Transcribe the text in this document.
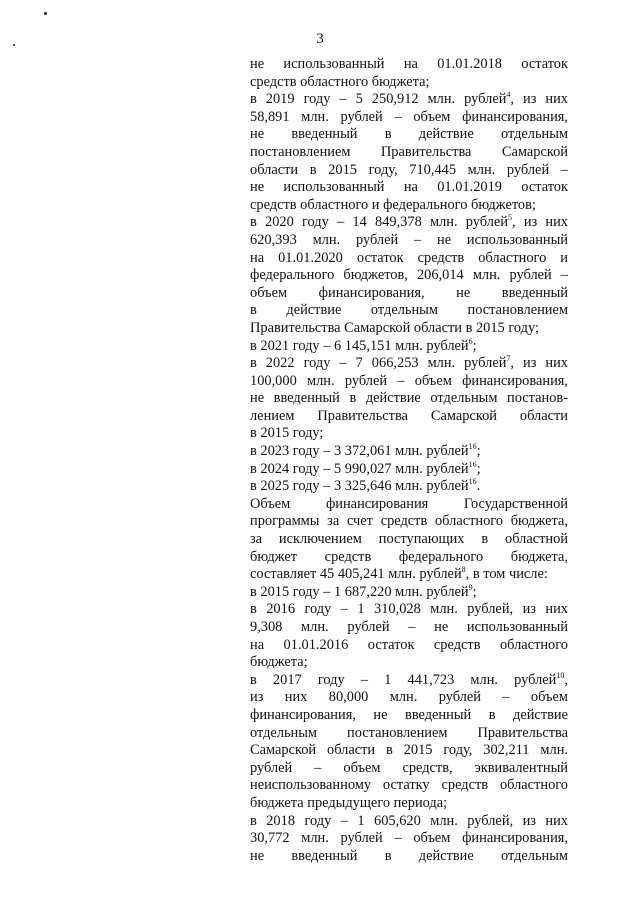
3
не использованный на 01.01.2018 остаток
средств областного бюджета;
в 2019 году – 5 250,912 млн. рублей$^4$, из них
58,891 млн. рублей – объем финансирования,
не введенный в действие отдельным
постановлением Правительства Самарской
области в 2015 году, 710,445 млн. рублей –
не использованный на 01.01.2019 остаток
средств областного и федерального бюджетов;
в 2020 году – 14 849,378 млн. рублей$^5$, из них
620,393 млн. рублей – не использованный
на 01.01.2020 остаток средств областного и
федерального бюджетов, 206,014 млн. рублей –
объем финансирования, не введенный
в действие отдельным постановлением
Правительства Самарской области в 2015 году;
в 2021 году – 6 145,151 млн. рублей$^6$;
в 2022 году – 7 066,253 млн. рублей$^7$, из них
100,000 млн. рублей – объем финансирования,
не введенный в действие отдельным постанов-
лением Правительства Самарской области
в 2015 году;
в 2023 году – 3 372,061 млн. рублей$^{16}$;
в 2024 году – 5 990,027 млн. рублей$^{16}$;
в 2025 году – 3 325,646 млн. рублей$^{16}$.
Объем финансирования Государственной
программы за счет средств областного бюджета,
за исключением поступающих в областной
бюджет средств федерального бюджета,
составляет 45 405,241 млн. рублей$^8$, в том числе:
в 2015 году – 1 687,220 млн. рублей$^9$;
в 2016 году – 1 310,028 млн. рублей, из них
9,308 млн. рублей – не использованный
на 01.01.2016 остаток средств областного
бюджета;
в 2017 году – 1 441,723 млн. рублей$^{10}$,
из них 80,000 млн. рублей – объем
финансирования, не введенный в действие
отдельным постановлением Правительства
Самарской области в 2015 году, 302,211 млн.
рублей – объем средств, эквивалентный
неиспользованному остатку средств областного
бюджета предыдущего периода;
в 2018 году – 1 605,620 млн. рублей, из них
30,772 млн. рублей – объем финансирования,
не введенный в действие отдельным
